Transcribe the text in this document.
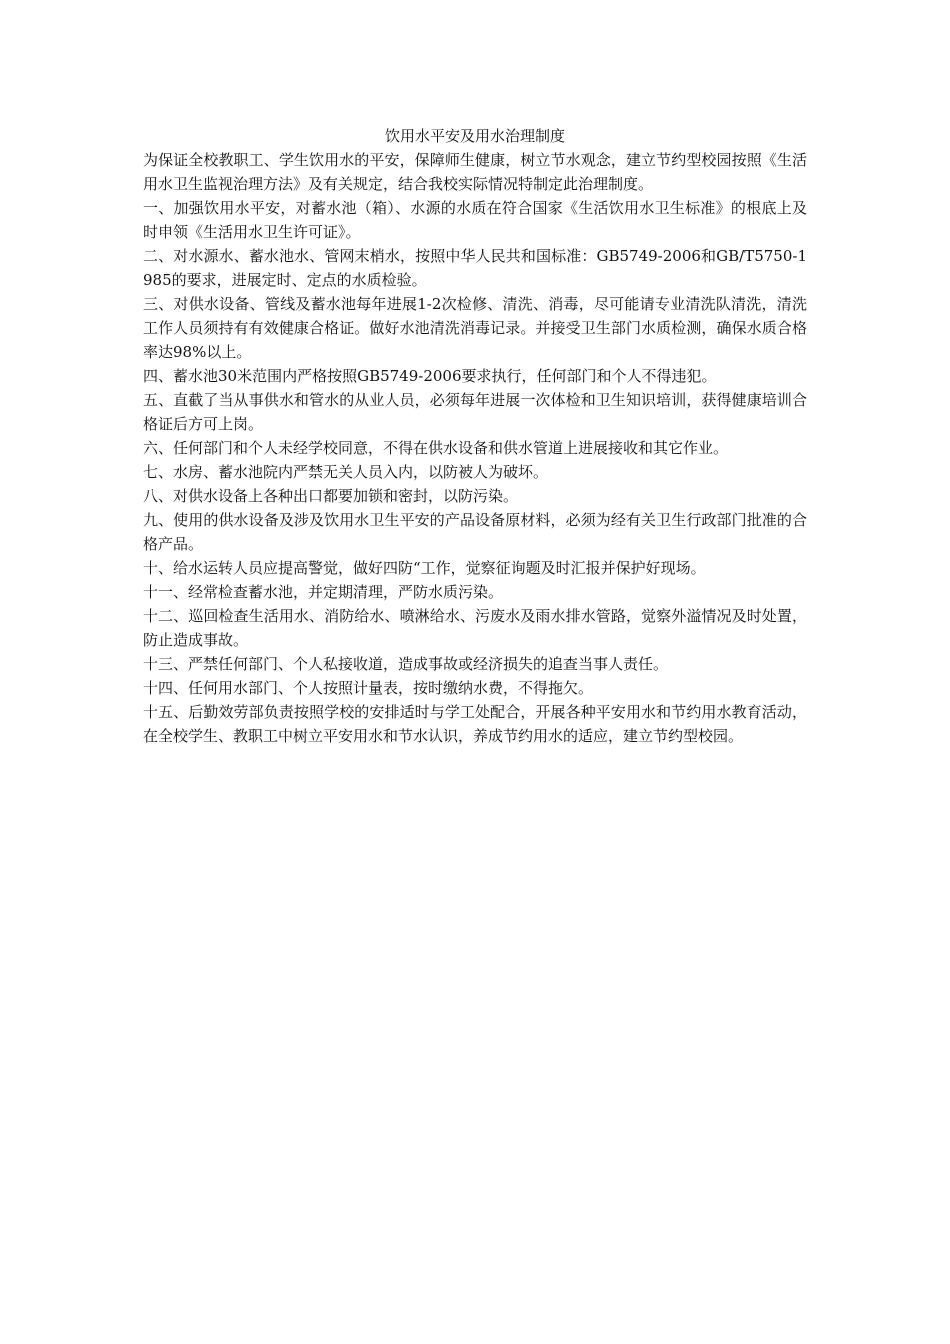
饮用水平安及用水治理制度

为保证全校教职工、学生饮用水的平安，保障师生健康，树立节水观念，建立节约型校园按照《生活用水卫生监视治理方法》及有关规定，结合我校实际情况特制定此治理制度。

一、加强饮用水平安，对蓄水池（箱）、水源的水质在符合国家《生活饮用水卫生标准》的根底上及时申领《生活用水卫生许可证》。

二、对水源水、蓄水池水、管网末梢水，按照中华人民共和国标准：GB5749-2006和GB/T5750-1985的要求，进展定时、定点的水质检验。

三、对供水设备、管线及蓄水池每年进展1-2次检修、清洗、消毒，尽可能请专业清洗队清洗，清洗工作人员须持有有效健康合格证。做好水池清洗消毒记录。并接受卫生部门水质检测，确保水质合格率达98%以上。

四、蓄水池30米范围内严格按照GB5749-2006要求执行，任何部门和个人不得违犯。

五、直截了当从事供水和管水的从业人员，必须每年进展一次体检和卫生知识培训，获得健康培训合格证后方可上岗。

六、任何部门和个人未经学校同意，不得在供水设备和供水管道上进展接收和其它作业。

七、水房、蓄水池院内严禁无关人员入内，以防被人为破坏。

八、对供水设备上各种出口都要加锁和密封，以防污染。

九、使用的供水设备及涉及饮用水卫生平安的产品设备原材料，必须为经有关卫生行政部门批准的合格产品。

十、给水运转人员应提高警觉，做好四防“工作，觉察征询题及时汇报并保护好现场。

十一、经常检查蓄水池，并定期清理，严防水质污染。

十二、巡回检查生活用水、消防给水、喷淋给水、污废水及雨水排水管路，觉察外溢情况及时处置，防止造成事故。

十三、严禁任何部门、个人私接收道，造成事故或经济损失的追查当事人责任。

十四、任何用水部门、个人按照计量表，按时缴纳水费，不得拖欠。

十五、后勤效劳部负责按照学校的安排适时与学工处配合，开展各种平安用水和节约用水教育活动，在全校学生、教职工中树立平安用水和节水认识，养成节约用水的适应，建立节约型校园。
